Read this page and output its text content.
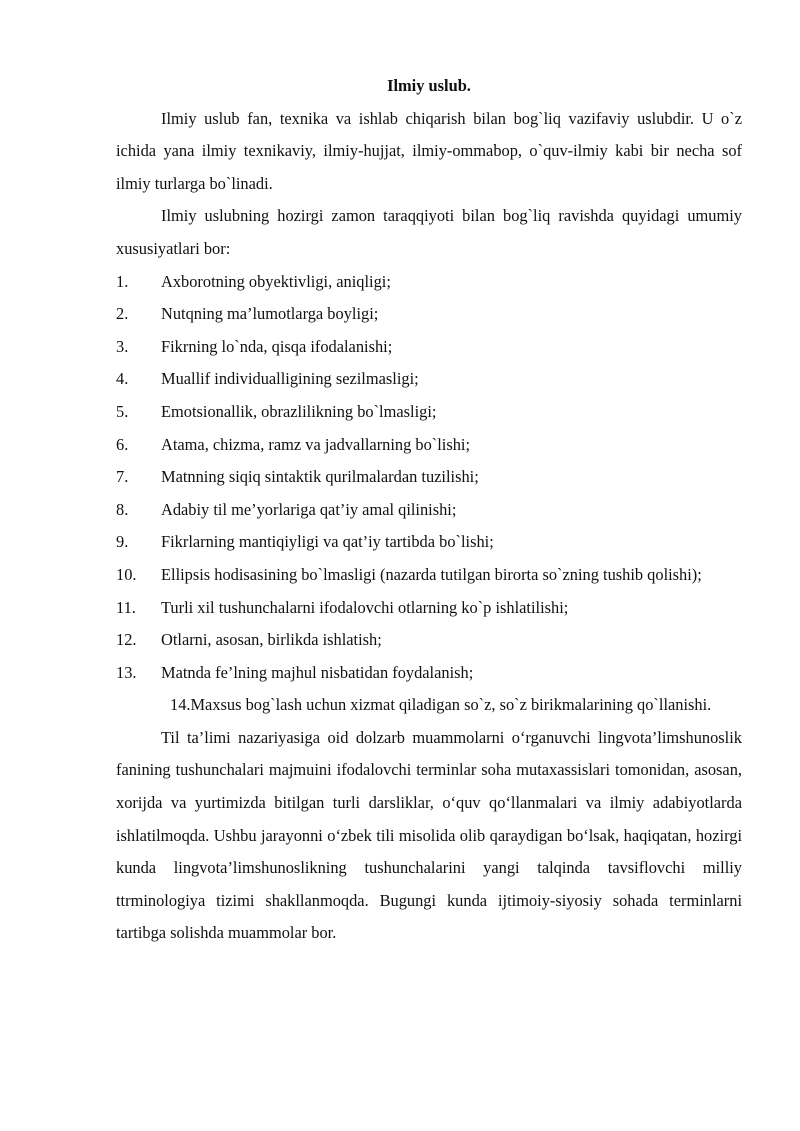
Ilmiy uslub.

Ilmiy uslub fan, texnika va ishlab chiqarish bilan bog`liq vazifaviy uslubdir. U o`z ichida yana ilmiy texnikaviy, ilmiy-hujjat, ilmiy-ommabop, o`quv-ilmiy kabi bir necha sof ilmiy turlarga bo`linadi.

Ilmiy uslubning hozirgi zamon taraqqiyoti bilan bog`liq ravishda quyidagi umumiy xususiyatlari bor:

1. Axborotning obyektivligi, aniqligi;
2. Nutqning ma’lumotlarga boyligi;
3. Fikrning lo`nda, qisqa ifodalanishi;
4. Muallif individualligining sezilmasligi;
5. Emotsionallik, obrazlilikning bo`lmasligi;
6. Atama, chizma, ramz va jadvallarning bo`lishi;
7. Matnning siqiq sintaktik qurilmalardan tuzilishi;
8. Adabiy til me’yorlariga qat’iy amal qilinishi;
9. Fikrlarning mantiqiyligi va qat’iy tartibda bo`lishi;
10. Ellipsis hodisasining bo`lmasligi (nazarda tutilgan birorta so`zning tushib qolishi);
11. Turli xil tushunchalarni ifodalovchi otlarning ko`p ishlatilishi;
12. Otlarni, asosan, birlikda ishlatish;
13. Matnda fe’lning majhul nisbatidan foydalanish;

14.Maxsus bog`lash uchun xizmat qiladigan so`z, so`z birikmalarining qo`llanishi.

Til ta’limi nazariyasiga oid dolzarb muammolarni o‘rganuvchi lingvota’limshunoslik fanining tushunchalari majmuini ifodalovchi terminlar soha mutaxassislari tomonidan, asosan, xorijda va yurtimizda bitilgan turli darsliklar, o‘quv qo‘llanmalari va ilmiy adabiyotlarda ishlatilmoqda. Ushbu jarayonni o‘zbek tili misolida olib qaraydigan bo‘lsak, haqiqatan, hozirgi kunda lingvota’limshunoslikning tushunchalarini yangi talqinda tavsiflovchi milliy ttrminologiya tizimi shakllanmoqda. Bugungi kunda ijtimoiy-siyosiy sohada terminlarni tartibga solishda muammolar bor.
